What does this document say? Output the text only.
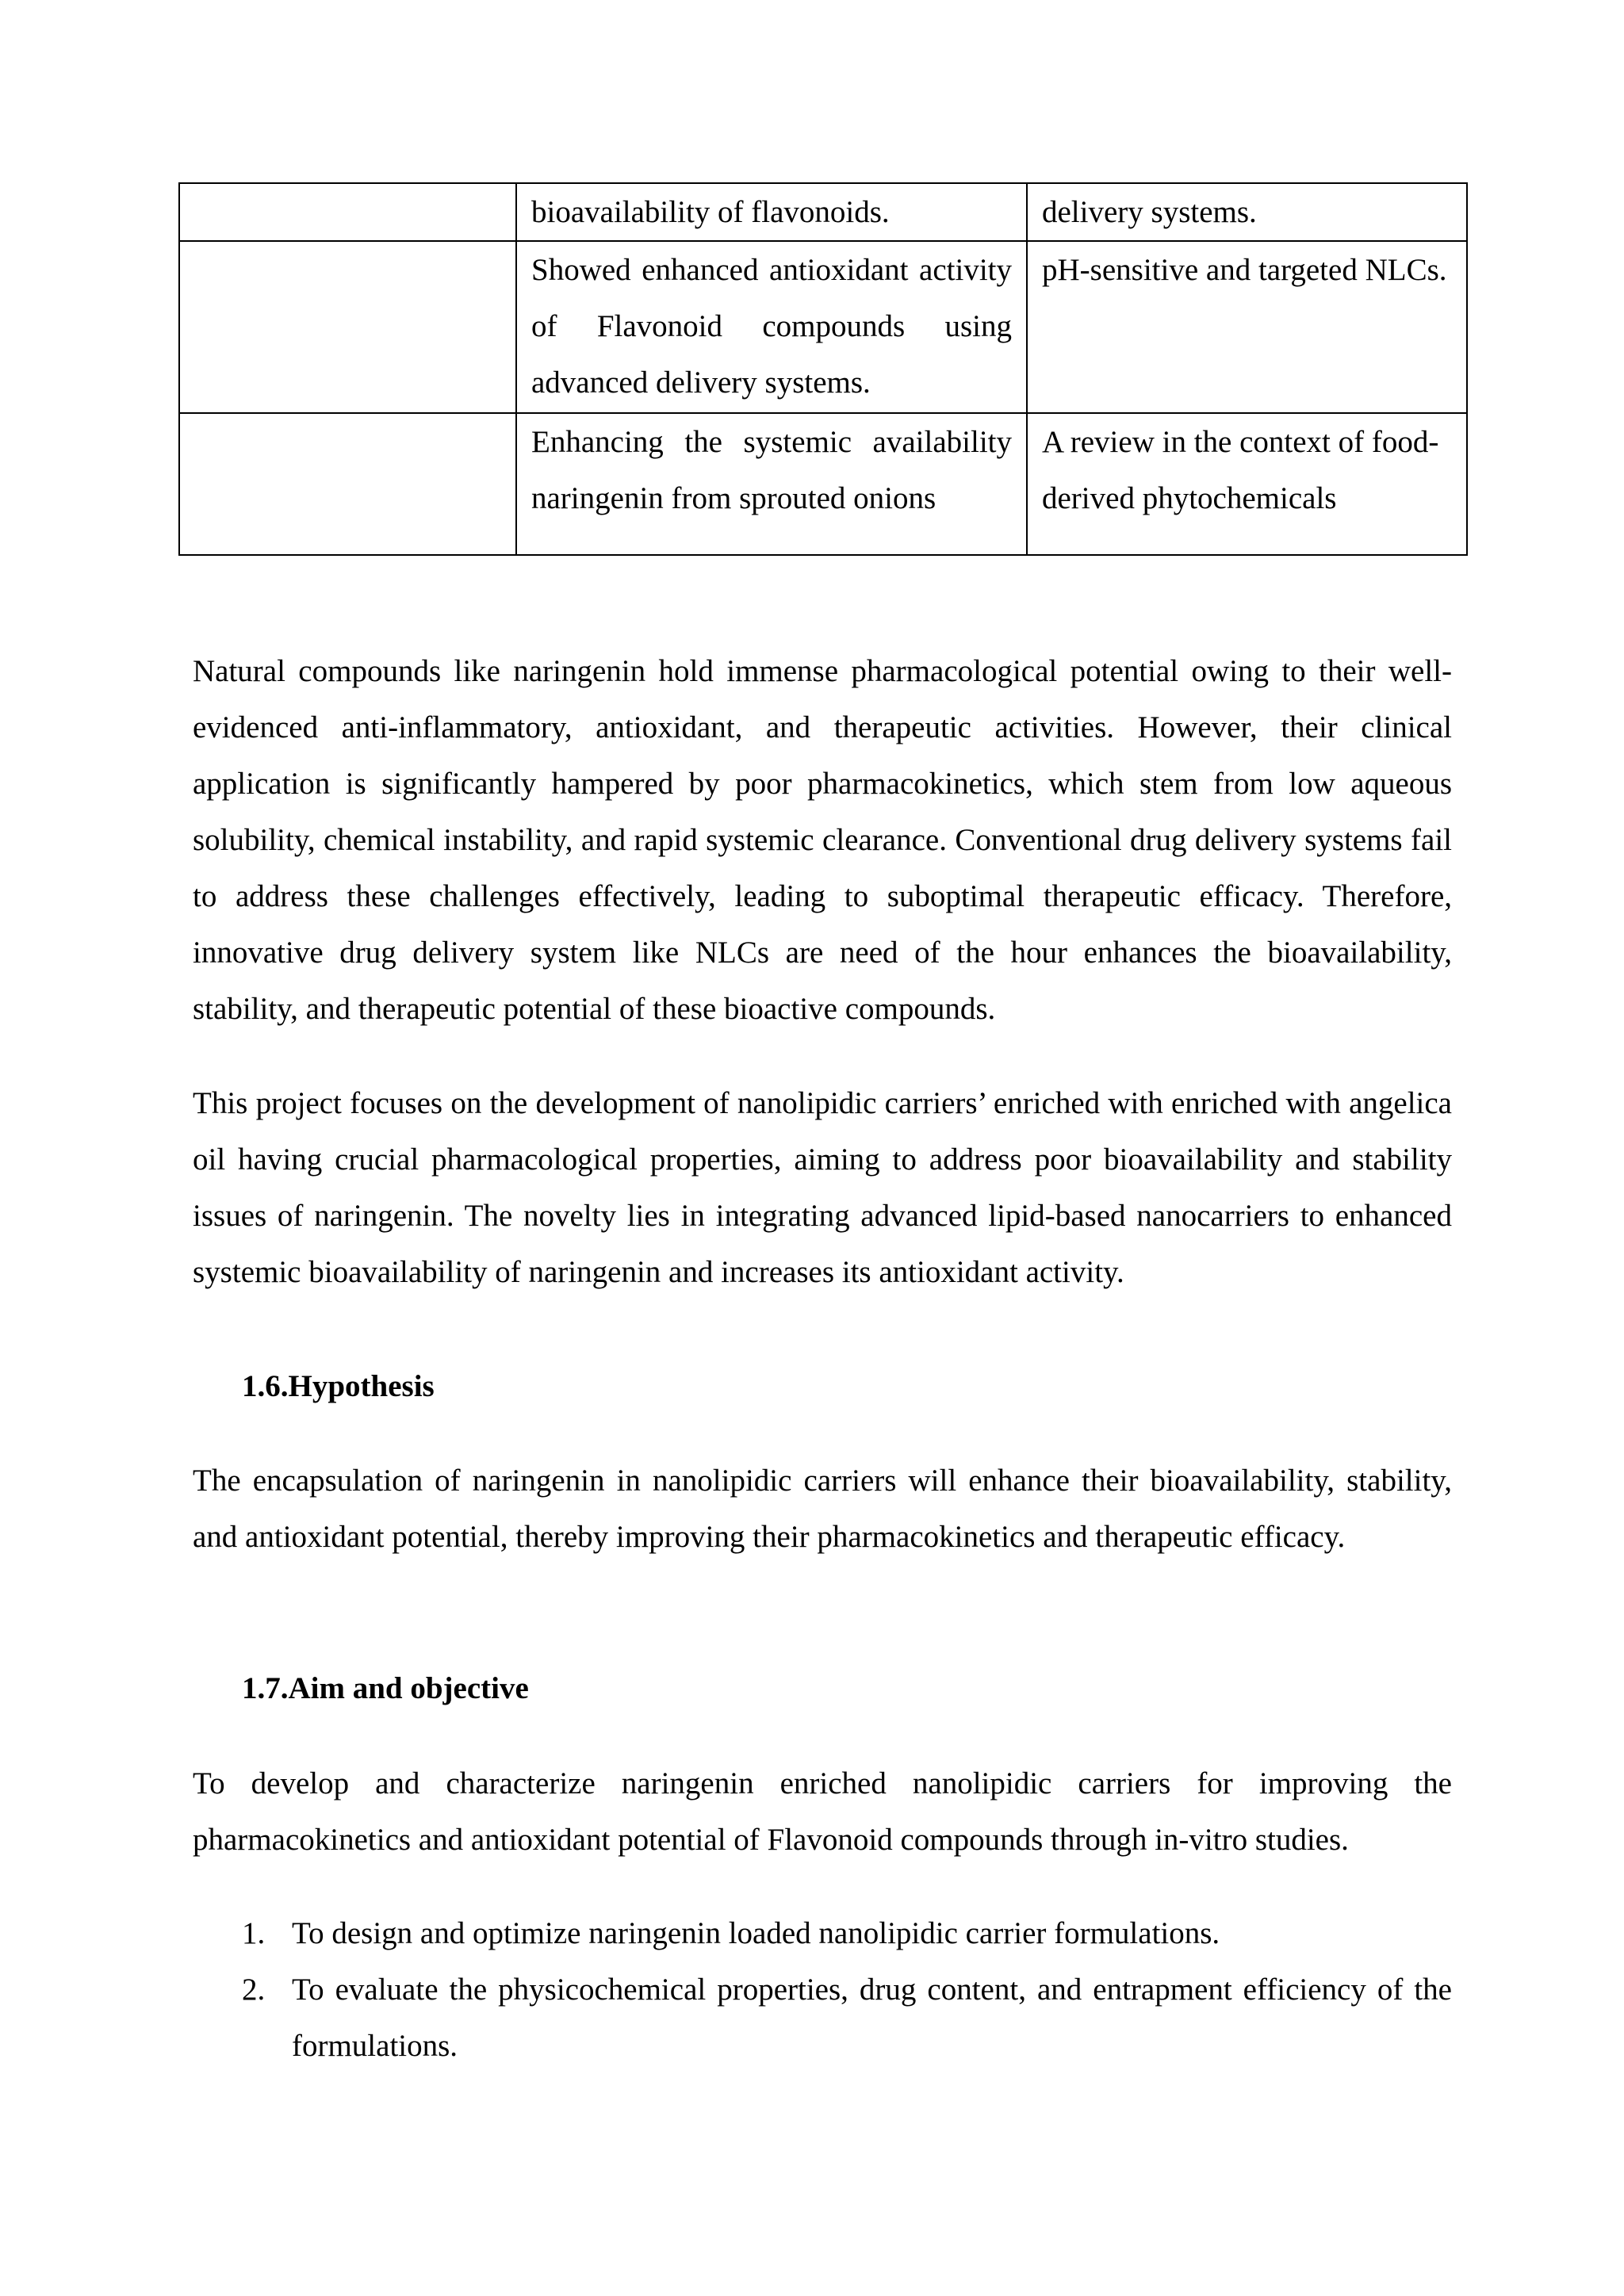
	bioavailability of flavonoids.	delivery systems.
	Showed enhanced antioxidant activity of Flavonoid compounds using advanced delivery systems.	pH-sensitive and targeted NLCs.
	Enhancing the systemic availability naringenin from sprouted onions	A review in the context of food-derived phytochemicals

Natural compounds like naringenin hold immense pharmacological potential owing to their well-evidenced anti-inflammatory, antioxidant, and therapeutic activities. However, their clinical application is significantly hampered by poor pharmacokinetics, which stem from low aqueous solubility, chemical instability, and rapid systemic clearance. Conventional drug delivery systems fail to address these challenges effectively, leading to suboptimal therapeutic efficacy. Therefore, innovative drug delivery system like NLCs are need of the hour enhances the bioavailability, stability, and therapeutic potential of these bioactive compounds.

This project focuses on the development of nanolipidic carriers’ enriched with enriched with angelica oil having crucial pharmacological properties, aiming to address poor bioavailability and stability issues of naringenin. The novelty lies in integrating advanced lipid-based nanocarriers to enhanced systemic bioavailability of naringenin and increases its antioxidant activity.

1.6.Hypothesis

The encapsulation of naringenin in nanolipidic carriers will enhance their bioavailability, stability, and antioxidant potential, thereby improving their pharmacokinetics and therapeutic efficacy.

1.7.Aim and objective

To develop and characterize naringenin enriched nanolipidic carriers for improving the pharmacokinetics and antioxidant potential of Flavonoid compounds through in-vitro studies.

1. To design and optimize naringenin loaded nanolipidic carrier formulations.
2. To evaluate the physicochemical properties, drug content, and entrapment efficiency of the formulations.
